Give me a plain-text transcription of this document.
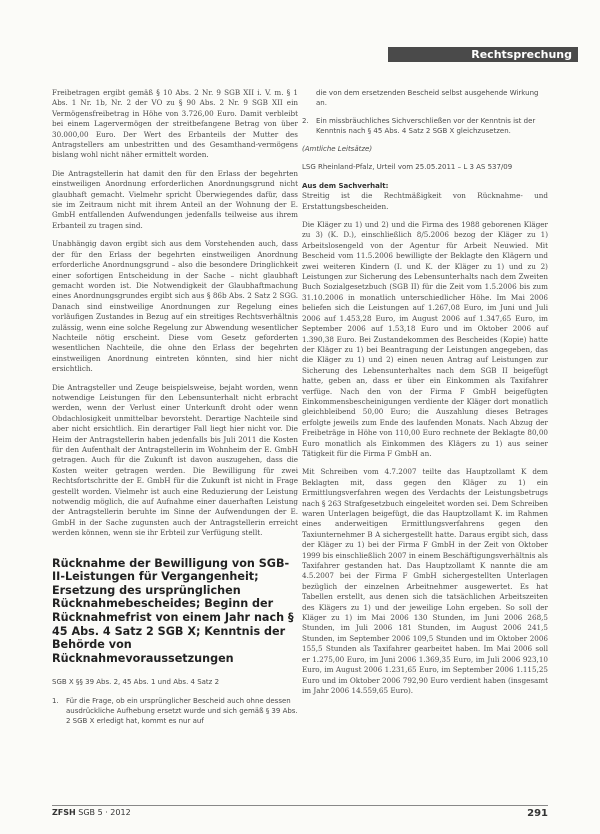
Rechtsprechung

Freibetragen ergibt gemäß § 10 Abs. 2 Nr. 9 SGB XII i. V. m. § 1 Abs. 1 Nr. 1b, Nr. 2 der VO zu § 90 Abs. 2 Nr. 9 SGB XII ein Vermögensfreibetrag in Höhe von 3.726,00 Euro. Damit verbleibt bei einem Lagervermögen der streitbefangene Betrag von über 30.000,00 Euro. Der Wert des Erbanteils der Mutter des Antragstellers am unbestritten und des Gesamthand-vermögens bislang wohl nicht näher ermittelt worden.

Die Antragstellerin hat damit den für den Erlass der begehrten einstweiligen Anordnung erforderlichen Anordnungsgrund nicht glaubhaft gemacht. Vielmehr spricht Überwiegendes dafür, dass sie im Zeitraum nicht mit ihrem Anteil an der Wohnung der E. GmbH entfallenden Aufwendungen jedenfalls teilweise aus ihrem Erbanteil zu tragen sind.

Unabhängig davon ergibt sich aus dem Vorstehenden auch, dass der für den Erlass der begehrten einstweiligen Anordnung erforderliche Anordnungsgrund – also die besondere Dringlichkeit einer sofortigen Entscheidung in der Sache – nicht glaubhaft gemacht worden ist. Die Notwendigkeit der Glaubhaftmachung eines Anordnungsgrundes ergibt sich aus § 86b Abs. 2 Satz 2 SGG. Danach sind einstweilige Anordnungen zur Regelung eines vorläufigen Zustandes in Bezug auf ein streitiges Rechtsverhältnis zulässig, wenn eine solche Regelung zur Abwendung wesentlicher Nachteile nötig erscheint. Diese vom Gesetz geforderten wesentlichen Nachteile, die ohne den Erlass der begehrten einstweiligen Anordnung eintreten könnten, sind hier nicht ersichtlich.

Die Antragsteller und Zeuge beispielsweise, bejaht worden, wenn notwendige Leistungen für den Lebensunterhalt nicht erbracht werden, wenn der Verlust einer Unterkunft droht oder wenn Obdachlosigkeit unmittelbar bevorsteht. Derartige Nachteile sind aber nicht ersichtlich. Ein derartiger Fall liegt hier nicht vor. Die Heim der Antragstellerin haben jedenfalls bis Juli 2011 die Kosten für den Aufenthalt der Antragstellerin im Wohnheim der E. GmbH getragen. Auch für die Zukunft ist davon auszugehen, dass die Kosten weiter getragen werden. Die Bewilligung für zwei Rechtsfortschritte der E. GmbH für die Zukunft ist nicht in Frage gestellt worden. Vielmehr ist auch eine Reduzierung der Leistung notwendig möglich, die auf Aufnahme einer dauerhaften Leistung der Antragstellerin beruhte im Sinne der Aufwendungen der E. GmbH in der Sache zugunsten auch der Antragstellerin erreicht werden können, wenn sie ihr Erbteil zur Verfügung stellt.

Rücknahme der Bewilligung von SGB-II-Leistungen für Vergangenheit; Ersetzung des ursprünglichen Rücknahmebescheides; Beginn der Rücknahmefrist von einem Jahr nach § 45 Abs. 4 Satz 2 SGB X; Kenntnis der Behörde von Rücknahmevoraussetzungen

SGB X §§ 39 Abs. 2, 45 Abs. 1 und Abs. 4 Satz 2

1. Für die Frage, ob ein ursprünglicher Bescheid auch ohne dessen ausdrückliche Aufhebung ersetzt wurde und sich gemäß § 39 Abs. 2 SGB X erledigt hat, kommt es nur auf
die von dem ersetzenden Bescheid selbst ausgehende Wirkung an.
2. Ein missbräuchliches Sichverschließen vor der Kenntnis ist der Kenntnis nach § 45 Abs. 4 Satz 2 SGB X gleichzusetzen.

(Amtliche Leitsätze)

LSG Rheinland-Pfalz, Urteil vom 25.05.2011 – L 3 AS 537/09

Aus dem Sachverhalt:

Streitig ist die Rechtmäßigkeit von Rücknahme- und Erstattungsbescheiden.

Die Kläger zu 1) und 2) und die Firma des 1988 geborenen Kläger zu 3) (K. D.), einschließlich 8/5.2006 bezog der Kläger zu 1) Arbeitslosengeld von der Agentur für Arbeit Neuwied. Mit Bescheid vom 11.5.2006 bewilligte der Beklagte den Klägern und zwei weiteren Kindern (I. und K. der Kläger zu 1) und zu 2) Leistungen zur Sicherung des Lebensunterhalts nach dem Zweiten Buch Sozialgesetzbuch (SGB II) für die Zeit vom 1.5.2006 bis zum 31.10.2006 in monatlich unterschiedlicher Höhe. Im Mai 2006 beliefen sich die Leistungen auf 1.267,08 Euro, im Juni und Juli 2006 auf 1.453,28 Euro, im August 2006 auf 1.347,65 Euro, im September 2006 auf 1.53,18 Euro und im Oktober 2006 auf 1.390,38 Euro. Bei Zustandekommen des Bescheides (Kopie) hatte der Kläger zu 1) bei Beantragung der Leistungen angegeben, das die Kläger zu 1) und 2) einen neuen Antrag auf Leistungen zur Sicherung des Lebensunterhaltes nach dem SGB II beigefügt hatte, geben an, dass er über ein Einkommen als Taxifahrer verfüge. Nach den von der Firma F GmbH beigefügten Einkommensbescheinigungen verdiente der Kläger dort monatlich gleichbleibend 50,00 Euro; die Auszahlung dieses Betrages erfolgte jeweils zum Ende des laufenden Monats. Nach Abzug der Freibeträge in Höhe von 110,00 Euro rechnete der Beklagte 80,00 Euro monatlich als Einkommen des Klägers zu 1) aus seiner Tätigkeit für die Firma F GmbH an.

Mit Schreiben vom 4.7.2007 teilte das Hauptzollamt K dem Beklagten mit, dass gegen den Kläger zu 1) ein Ermittlungsverfahren wegen des Verdachts der Leistungsbetrugs nach § 263 Strafgesetzbuch eingeleitet worden sei. Dem Schreiben waren Unterlagen beigefügt, die das Hauptzollamt K. im Rahmen eines anderweitigen Ermittlungsverfahrens gegen den Taxiunternehmer B A sichergestellt hatte. Daraus ergibt sich, dass der Kläger zu 1) bei der Firma F GmbH in der Zeit von Oktober 1999 bis einschließlich 2007 in einem Beschäftigungsverhältnis als Taxifahrer gestanden hat. Das Hauptzollamt K nannte die am 4.5.2007 bei der Firma F GmbH sichergestellten Unterlagen bezüglich der einzelnen Arbeitnehmer ausgewertet. Es hat Tabellen erstellt, aus denen sich die tatsächlichen Arbeitszeiten des Klägers zu 1) und der jeweilige Lohn ergeben. So soll der Kläger zu 1) im Mai 2006 130 Stunden, im Juni 2006 268,5 Stunden, im Juli 2006 181 Stunden, im August 2006 241,5 Stunden, im September 2006 109,5 Stunden und im Oktober 2006 155,5 Stunden als Taxifahrer gearbeitet haben. Im Mai 2006 soll er 1.275,00 Euro, im Juni 2006 1.369,35 Euro, im Juli 2006 923,10 Euro, im August 2006 1.231,65 Euro, im September 2006 1.115,25 Euro und im Oktober 2006 792,90 Euro verdient haben (insgesamt im Jahr 2006 14.559,65 Euro).

ZFSH SGB 5 · 2012	291
